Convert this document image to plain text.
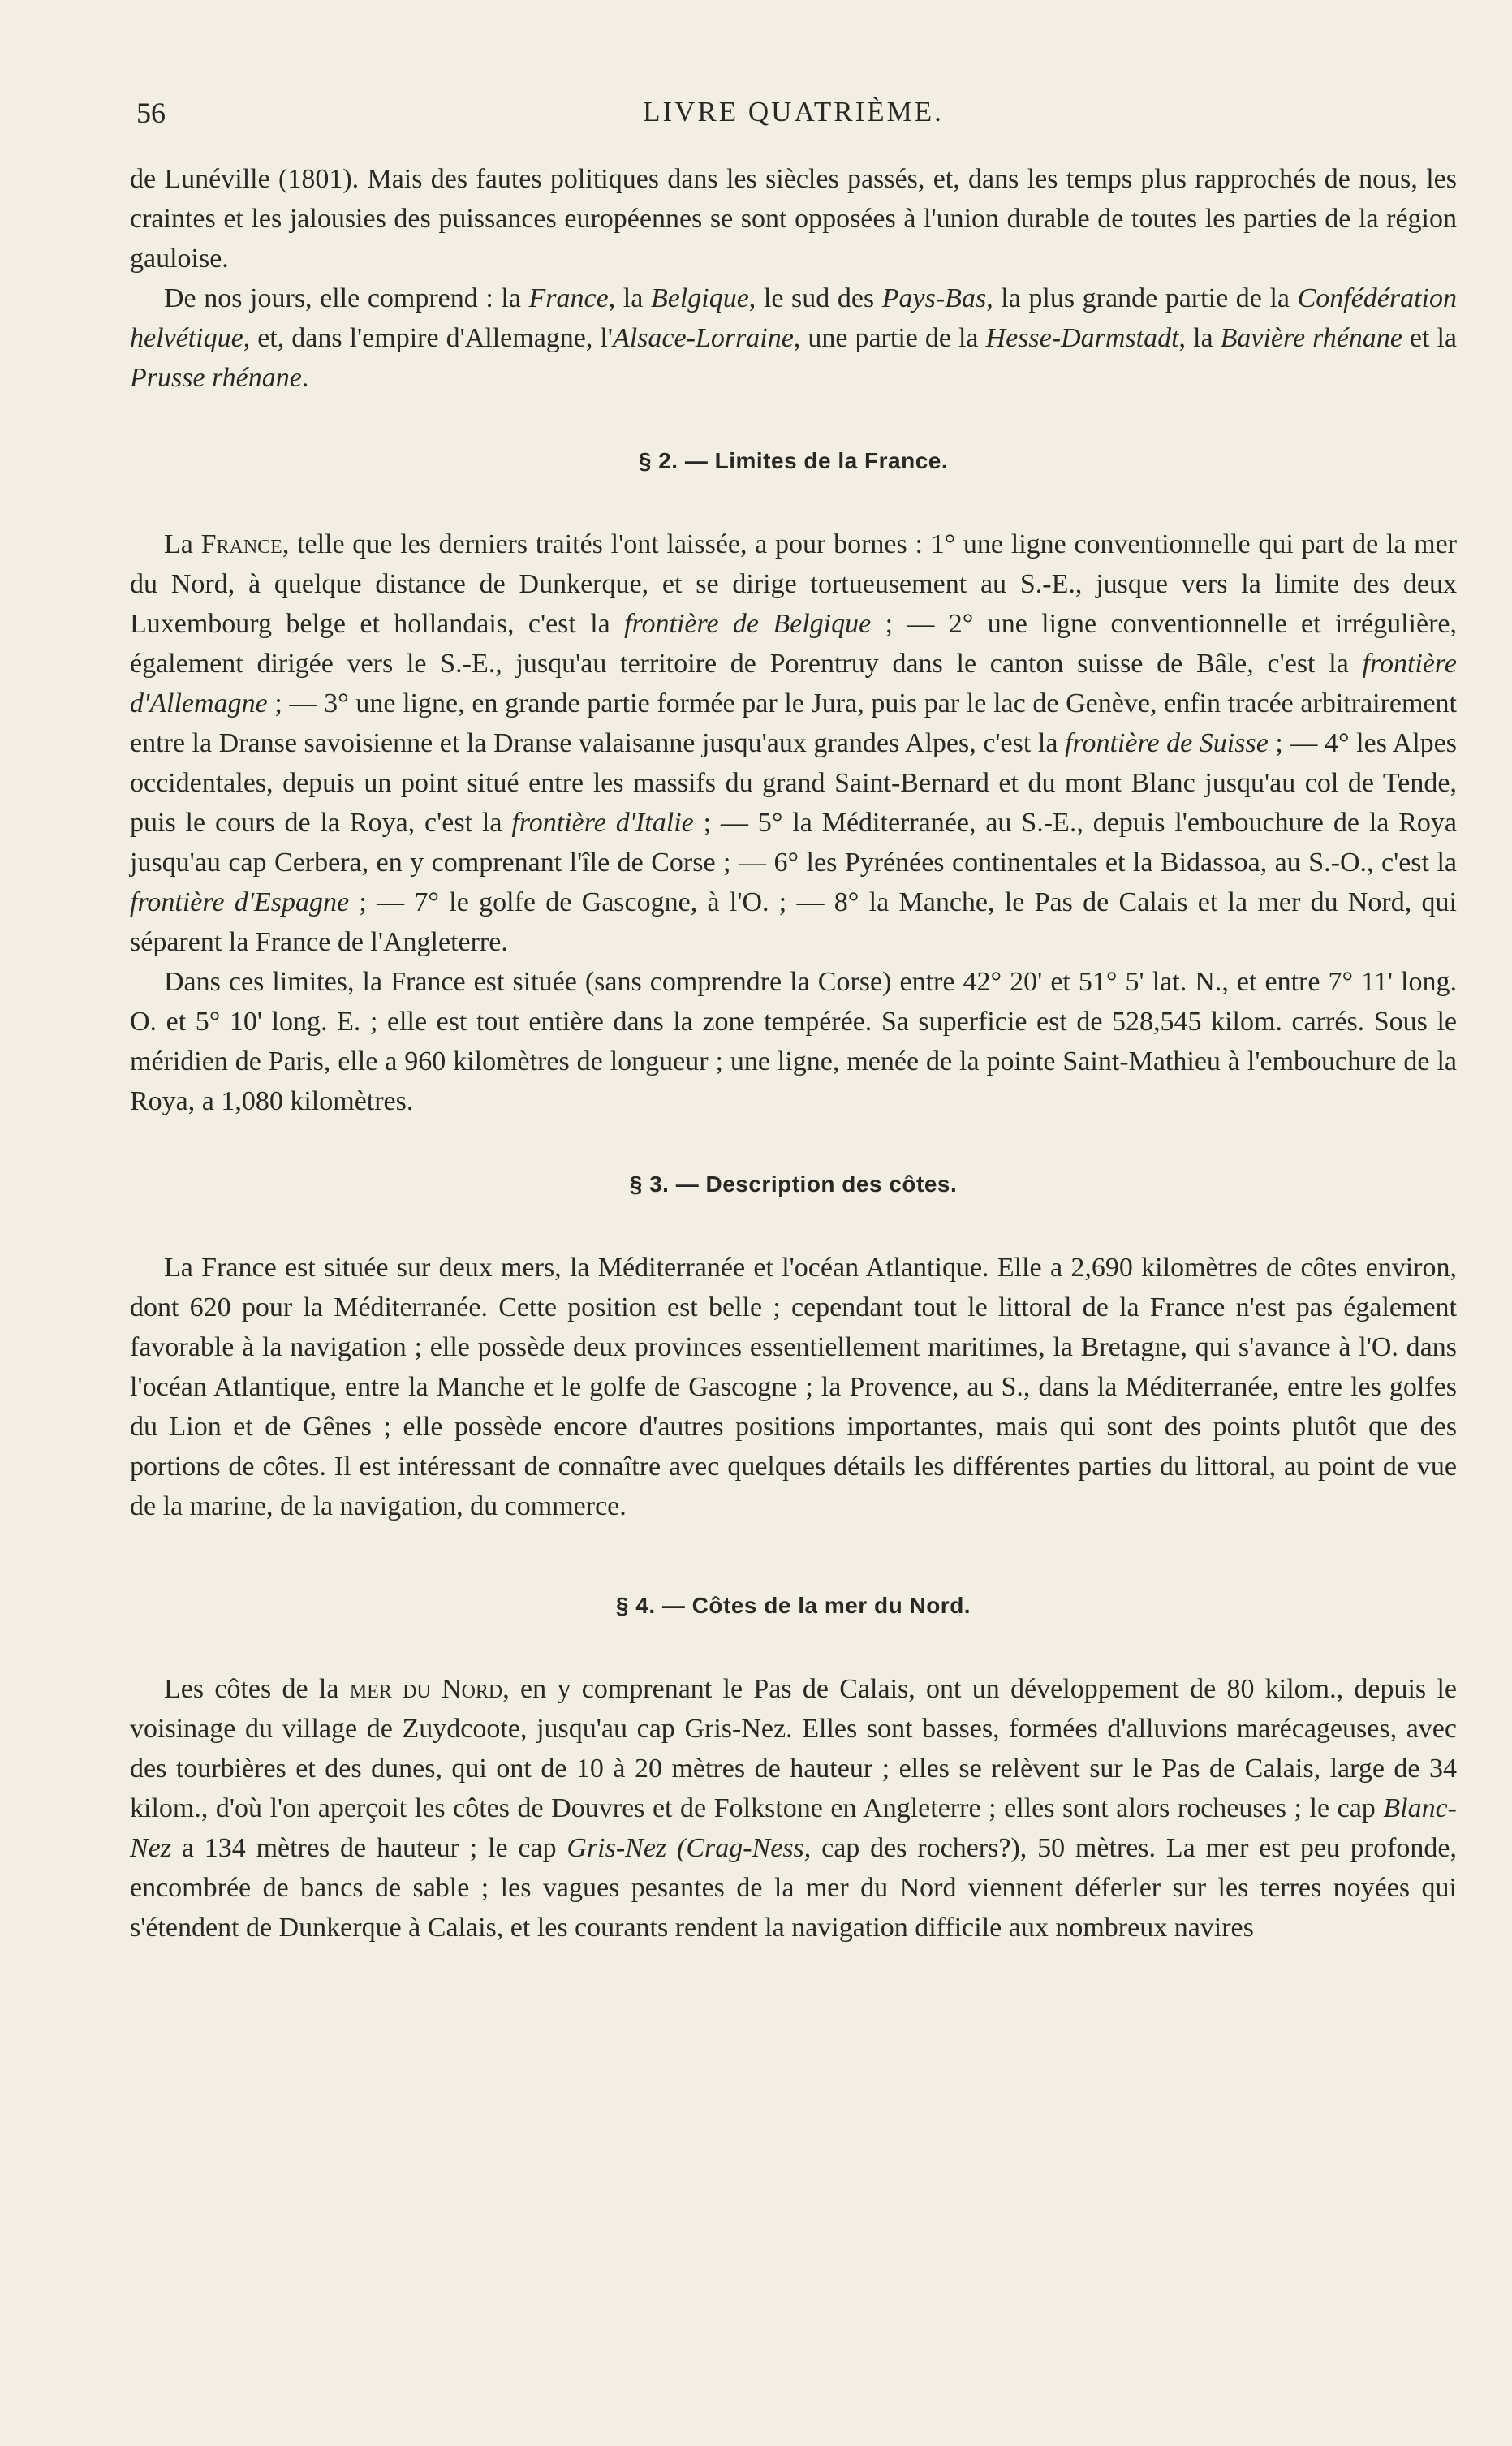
56	LIVRE QUATRIÈME.

de Lunéville (1801). Mais des fautes politiques dans les siècles passés, et, dans les temps plus rapprochés de nous, les craintes et les jalousies des puissances européennes se sont opposées à l'union durable de toutes les parties de la région gauloise.

De nos jours, elle comprend : la France, la Belgique, le sud des Pays-Bas, la plus grande partie de la Confédération helvétique, et, dans l'empire d'Allemagne, l'Alsace-Lorraine, une partie de la Hesse-Darmstadt, la Bavière rhénane et la Prusse rhénane.

§ 2. — Limites de la France.

La France, telle que les derniers traités l'ont laissée, a pour bornes : 1° une ligne conventionnelle qui part de la mer du Nord, à quelque distance de Dunkerque, et se dirige tortueusement au S.-E., jusque vers la limite des deux Luxembourg belge et hollandais, c'est la frontière de Belgique ; — 2° une ligne conventionnelle et irrégulière, également dirigée vers le S.-E., jusqu'au territoire de Porentruy dans le canton suisse de Bâle, c'est la frontière d'Allemagne ; — 3° une ligne, en grande partie formée par le Jura, puis par le lac de Genève, enfin tracée arbitrairement entre la Dranse savoisienne et la Dranse valaisanne jusqu'aux grandes Alpes, c'est la frontière de Suisse ; — 4° les Alpes occidentales, depuis un point situé entre les massifs du grand Saint-Bernard et du mont Blanc jusqu'au col de Tende, puis le cours de la Roya, c'est la frontière d'Italie ; — 5° la Méditerranée, au S.-E., depuis l'embouchure de la Roya jusqu'au cap Cerbera, en y comprenant l'île de Corse ; — 6° les Pyrénées continentales et la Bidassoa, au S.-O., c'est la frontière d'Espagne ; — 7° le golfe de Gascogne, à l'O. ; — 8° la Manche, le Pas de Calais et la mer du Nord, qui séparent la France de l'Angleterre.

Dans ces limites, la France est située (sans comprendre la Corse) entre 42° 20' et 51° 5' lat. N., et entre 7° 11' long. O. et 5° 10' long. E. ; elle est tout entière dans la zone tempérée. Sa superficie est de 528,545 kilom. carrés. Sous le méridien de Paris, elle a 960 kilomètres de longueur ; une ligne, menée de la pointe Saint-Mathieu à l'embouchure de la Roya, a 1,080 kilomètres.

§ 3. — Description des côtes.

La France est située sur deux mers, la Méditerranée et l'océan Atlantique. Elle a 2,690 kilomètres de côtes environ, dont 620 pour la Méditerranée. Cette position est belle ; cependant tout le littoral de la France n'est pas également favorable à la navigation ; elle possède deux provinces essentiellement maritimes, la Bretagne, qui s'avance à l'O. dans l'océan Atlantique, entre la Manche et le golfe de Gascogne ; la Provence, au S., dans la Méditerranée, entre les golfes du Lion et de Gênes ; elle possède encore d'autres positions importantes, mais qui sont des points plutôt que des portions de côtes. Il est intéressant de connaître avec quelques détails les différentes parties du littoral, au point de vue de la marine, de la navigation, du commerce.

§ 4. — Côtes de la mer du Nord.

Les côtes de la mer du Nord, en y comprenant le Pas de Calais, ont un développement de 80 kilom., depuis le voisinage du village de Zuydcoote, jusqu'au cap Gris-Nez. Elles sont basses, formées d'alluvions marécageuses, avec des tourbières et des dunes, qui ont de 10 à 20 mètres de hauteur ; elles se relèvent sur le Pas de Calais, large de 34 kilom., d'où l'on aperçoit les côtes de Douvres et de Folkstone en Angleterre ; elles sont alors rocheuses ; le cap Blanc-Nez a 134 mètres de hauteur ; le cap Gris-Nez (Crag-Ness, cap des rochers?), 50 mètres. La mer est peu profonde, encombrée de bancs de sable ; les vagues pesantes de la mer du Nord viennent déferler sur les terres noyées qui s'étendent de Dunkerque à Calais, et les courants rendent la navigation difficile aux nombreux navires
